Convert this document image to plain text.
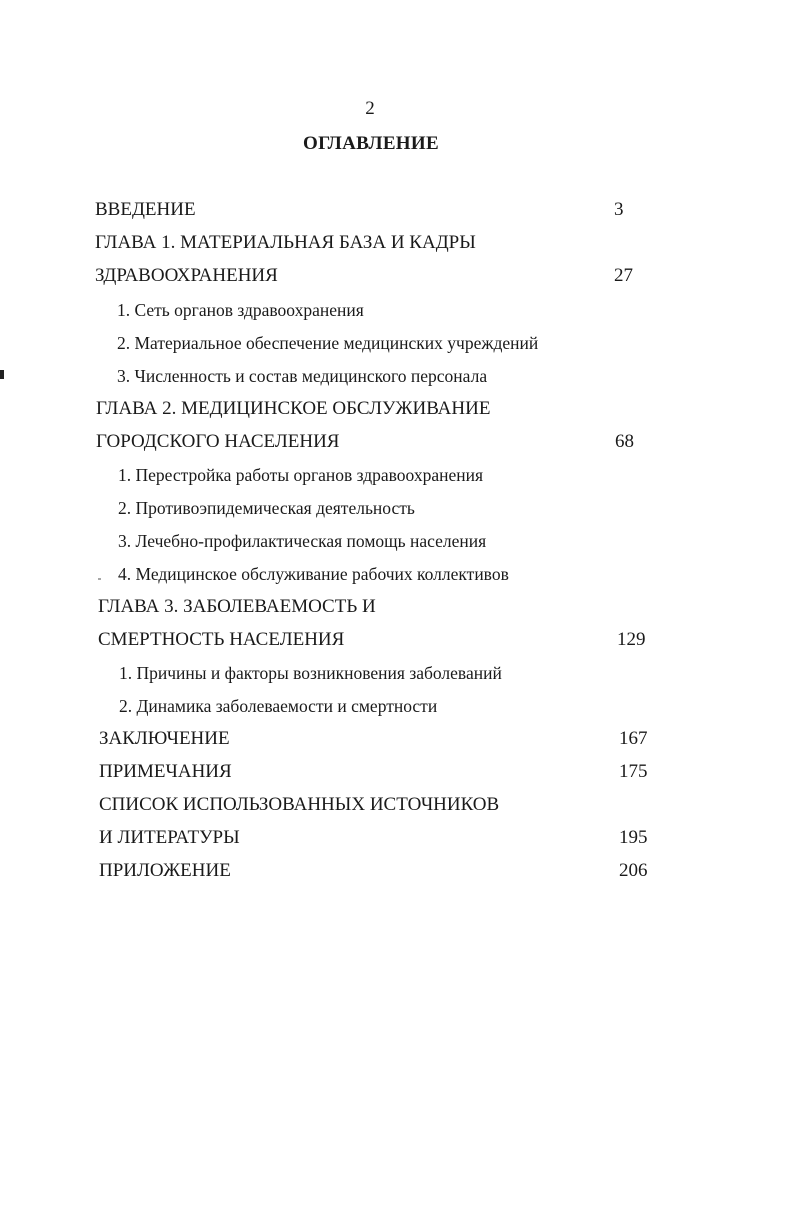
2
ОГЛАВЛЕНИЕ
ВВЕДЕНИЕ	3
ГЛАВА 1. МАТЕРИАЛЬНАЯ БАЗА И КАДРЫ
ЗДРАВООХРАНЕНИЯ	27
1. Сеть органов здравоохранения
2. Материальное обеспечение медицинских учреждений
3. Численность и состав медицинского персонала
ГЛАВА 2. МЕДИЦИНСКОЕ ОБСЛУЖИВАНИЕ
ГОРОДСКОГО НАСЕЛЕНИЯ	68
1. Перестройка работы органов здравоохранения
2. Противоэпидемическая деятельность
3. Лечебно-профилактическая помощь населения
4. Медицинское обслуживание рабочих коллективов
ГЛАВА 3. ЗАБОЛЕВАЕМОСТЬ И
СМЕРТНОСТЬ НАСЕЛЕНИЯ	129
1. Причины и факторы возникновения заболеваний
2. Динамика заболеваемости и смертности
ЗАКЛЮЧЕНИЕ	167
ПРИМЕЧАНИЯ	175
СПИСОК ИСПОЛЬЗОВАННЫХ ИСТОЧНИКОВ
И ЛИТЕРАТУРЫ	195
ПРИЛОЖЕНИЕ	206
